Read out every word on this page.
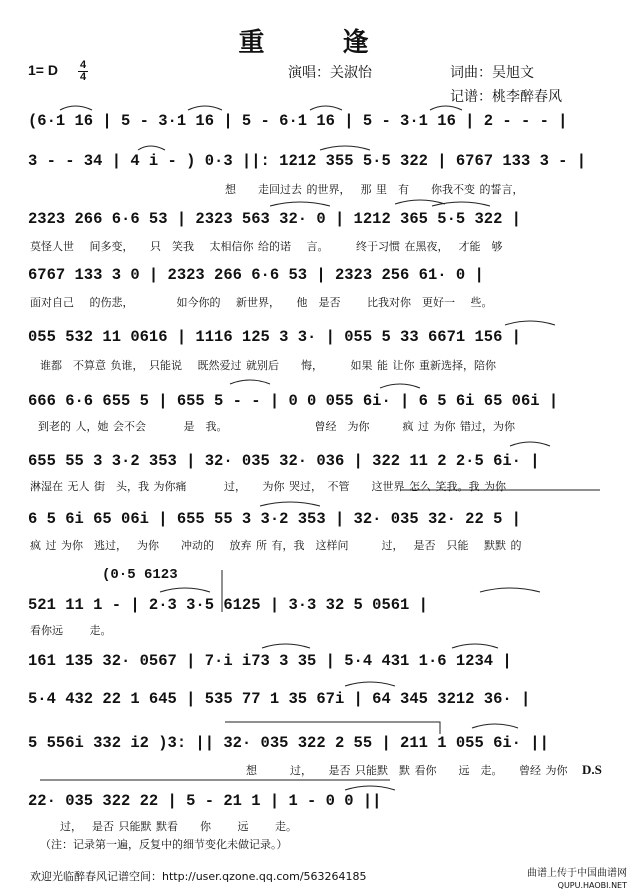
重　逢
1= D 4
4	演唱：关淑怡	词曲：吴旭文
记谱：桃李醉春风
(6·1 16 | 5 - 3·1 16 | 5 - 6·1 16 | 5 - 3·1 16 | 2 - - - |
3 - - 34 | 4 i - ) 0·3 ||: 1212 355 5·5 322 | 6767 133 3 - |
想　　走回过去 的世界，　 那 里　有　　你我不变 的誓言，
2323 266 6·6 53 | 2323 563 32· 0 | 1212 365 5·5 322 |
莫怪人世　 间多变，　　只　笑我　 太相信你 给的诺　 言。　　　终于习惯 在黑夜，　 才能　够
6767 133 3 0 | 2323 266 6·6 53 | 2323 256 61· 0 |
面对自己　 的伤悲，　　　　 如今你的　 新世界，　　他　是否　　 比我对你　更好一　 些。
055 532 11 0616 | 1116 125 3 3· | 055 5 33 6671 156 |
谁都　不算意 负谁，　只能说　 既然爱过 就别后　　悔，　　　如果 能 让你 重新选择，陪你
666 6·6 655 5 | 655 5 - - | 0 0 055 6i· | 6 5 6i 65 06i |
到老的 人，她 会不会　　　 是　我。　　　　　　　　 曾经　为你　　　疯 过 为你 错过，为你
655 55 3 3·2 353 | 32· 035 32· 036 | 322 11 2 2·5 6i· |
淋湿在 无人 街　头，我 为你痛　　　 过，　　为你 哭过，　不管　　这世界 怎么 笑我。我 为你
6 5 6i 65 06i | 655 55 3 3·2 353 | 32· 035 32· 22 5 |
疯 过 为你　逃过，　 为你　　冲动的　 放弃 所 有，我　这样问　　　过，　 是否　只能　 默默 的
(0·5 6123
521 11 1 - | 2·3 3·5 6125 | 3·3 32 5 0561 |
看你远　　 走。
161 135 32· 0567 | 7·i i73 3 35 | 5·4 431 1·6 1234 |
5·4 432 22 1 645 | 535 77 1 35 67i | 64 345 3212 36· |
5 556i 332 i2 )3: || 32· 035 322 2 55 | 211 1 055 6i· ||
想　　　过，　　是否 只能默　默 看你　　远　走。　　曾经 为你　 D.S
22· 035 322 22 | 5 - 21 1 | 1 - 0 0 ||
过，　 是否 只能默 默看　　你　　 远　　 走。
（注：记录第一遍，反复中的细节变化未做记录。）
欢迎光临醉春风记谱空间：http://user.qzone.qq.com/563264185	曲谱上传于中国曲谱网
QUPU.HAOBI.NET
